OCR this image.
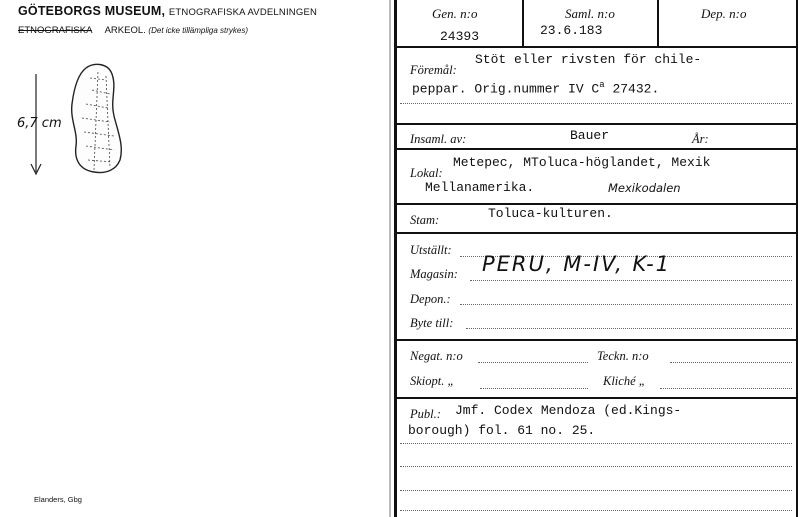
GÖTEBORGS MUSEUM, ETNOGRAFISKA AVDELNINGEN
ETNOGRAFISKA ARKEOL. (Det icke tillämpliga strykes)
6,7 cm
Elanders, Gbg
Gen. n:o
24393
Saml. n:o
23.6.183
Dep. n:o
Stöt eller rivsten för chile-
Föremål:
peppar. Orig.nummer IV $C^a$ 27432.
Insaml. av:	Bauer	År:
Metepec, MToluca-höglandet, Mexik
Lokal:
Mellanamerika.	Mexikodalen
Stam:	Toluca-kulturen.
Utställt:
Magasin: PERU, M-IV, K-1
Depon.:
Byte till:
Negat. n:o	Teckn. n:o
Skiopt. „	Kliché „
Publ.: Jmf. Codex Mendoza (ed.Kings-
borough) fol. 61 no. 25.
